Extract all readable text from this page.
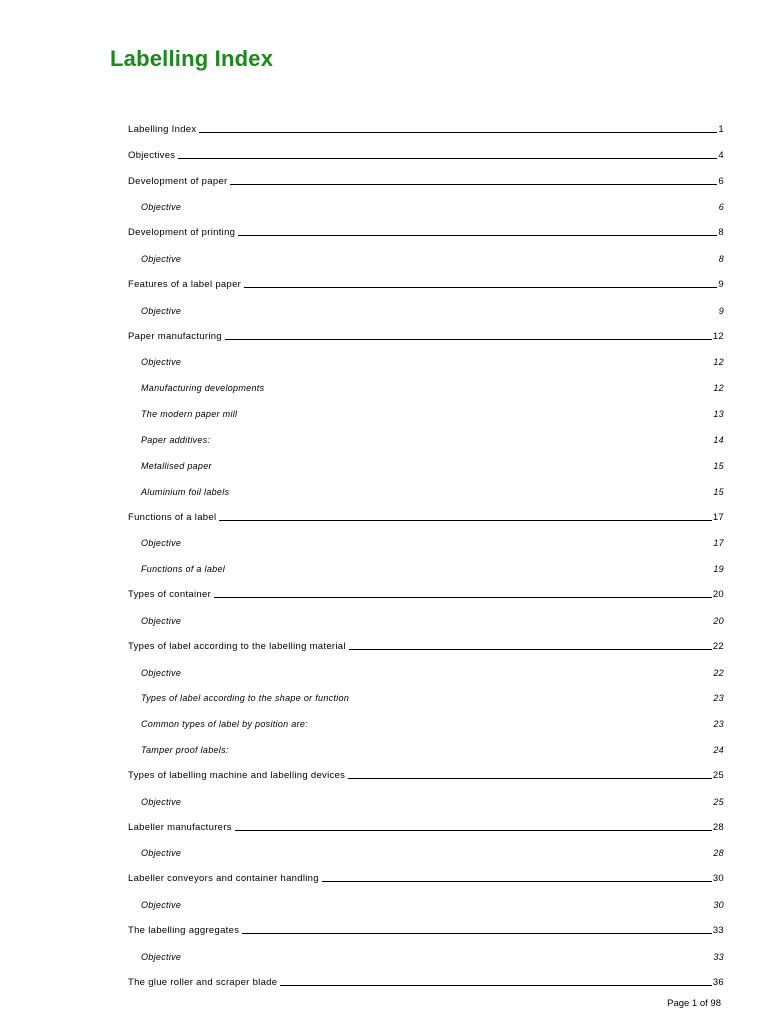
Labelling Index
Labelling Index	1
Objectives	4
Development of paper	6
Objective	6
Development of printing	8
Objective	8
Features of a label paper	9
Objective	9
Paper manufacturing	12
Objective	12
Manufacturing developments	12
The modern paper mill	13
Paper additives:	14
Metallised paper	15
Aluminium foil labels	15
Functions of a label	17
Objective	17
Functions of a label	19
Types of container	20
Objective	20
Types of label according to the labelling material	22
Objective	22
Types of label according to the shape or function	23
Common types of label by position are:	23
Tamper proof labels:	24
Types of labelling machine and labelling devices	25
Objective	25
Labeller manufacturers	28
Objective	28
Labeller conveyors and container handling	30
Objective	30
The labelling aggregates	33
Objective	33
The glue roller and scraper blade	36
Page 1 of 98
